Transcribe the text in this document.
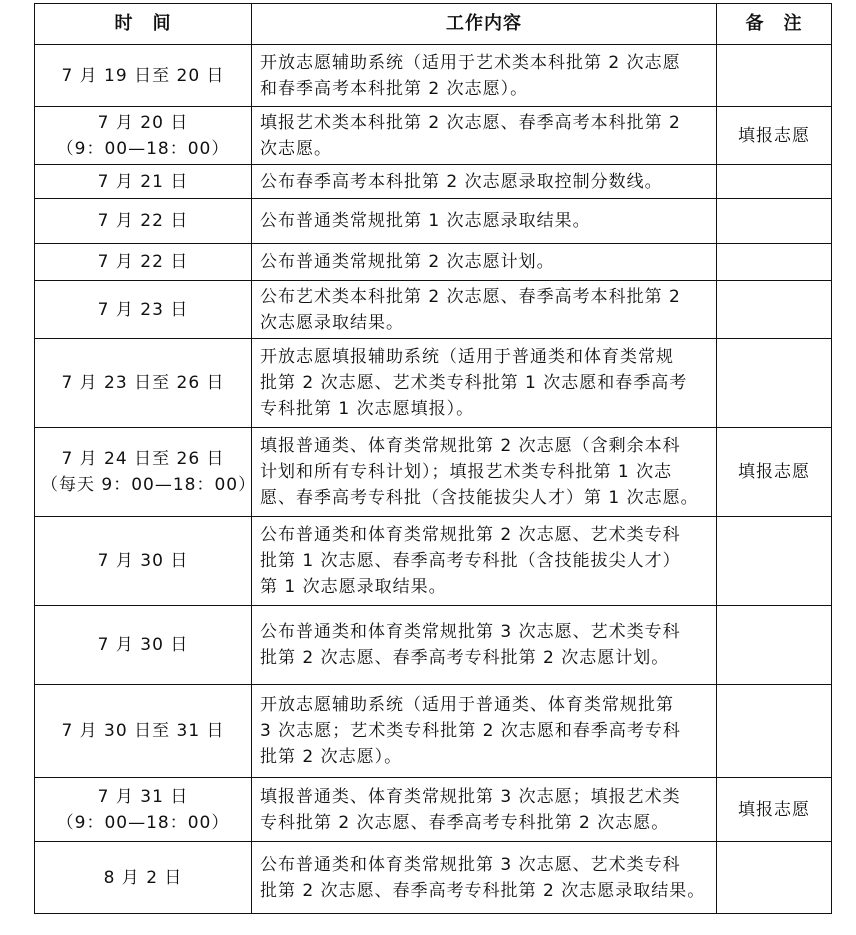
时　间	工作内容	备　注

7 月 19 日至 20 日	开放志愿辅助系统（适用于艺术类本科批第 2 次志愿
和春季高考本科批第 2 次志愿）。	

7 月 20 日
（9：00—18：00）	填报艺术类本科批第 2 次志愿、春季高考本科批第 2
次志愿。	填报志愿

7 月 21 日	公布春季高考本科批第 2 次志愿录取控制分数线。	

7 月 22 日	公布普通类常规批第 1 次志愿录取结果。	

7 月 22 日	公布普通类常规批第 2 次志愿计划。	

7 月 23 日	公布艺术类本科批第 2 次志愿、春季高考本科批第 2
次志愿录取结果。	

7 月 23 日至 26 日	开放志愿填报辅助系统（适用于普通类和体育类常规
批第 2 次志愿、艺术类专科批第 1 次志愿和春季高考
专科批第 1 次志愿填报）。	

7 月 24 日至 26 日
（每天 9：00—18：00）	填报普通类、体育类常规批第 2 次志愿（含剩余本科
计划和所有专科计划）；填报艺术类专科批第 1 次志
愿、春季高考专科批（含技能拔尖人才）第 1 次志愿。	填报志愿

7 月 30 日	公布普通类和体育类常规批第 2 次志愿、艺术类专科
批第 1 次志愿、春季高考专科批（含技能拔尖人才）
第 1 次志愿录取结果。	

7 月 30 日	公布普通类和体育类常规批第 3 次志愿、艺术类专科
批第 2 次志愿、春季高考专科批第 2 次志愿计划。	

7 月 30 日至 31 日	开放志愿辅助系统（适用于普通类、体育类常规批第
3 次志愿；艺术类专科批第 2 次志愿和春季高考专科
批第 2 次志愿）。	

7 月 31 日
（9：00—18：00）	填报普通类、体育类常规批第 3 次志愿；填报艺术类
专科批第 2 次志愿、春季高考专科批第 2 次志愿。	填报志愿

8 月 2 日	公布普通类和体育类常规批第 3 次志愿、艺术类专科
批第 2 次志愿、春季高考专科批第 2 次志愿录取结果。	
